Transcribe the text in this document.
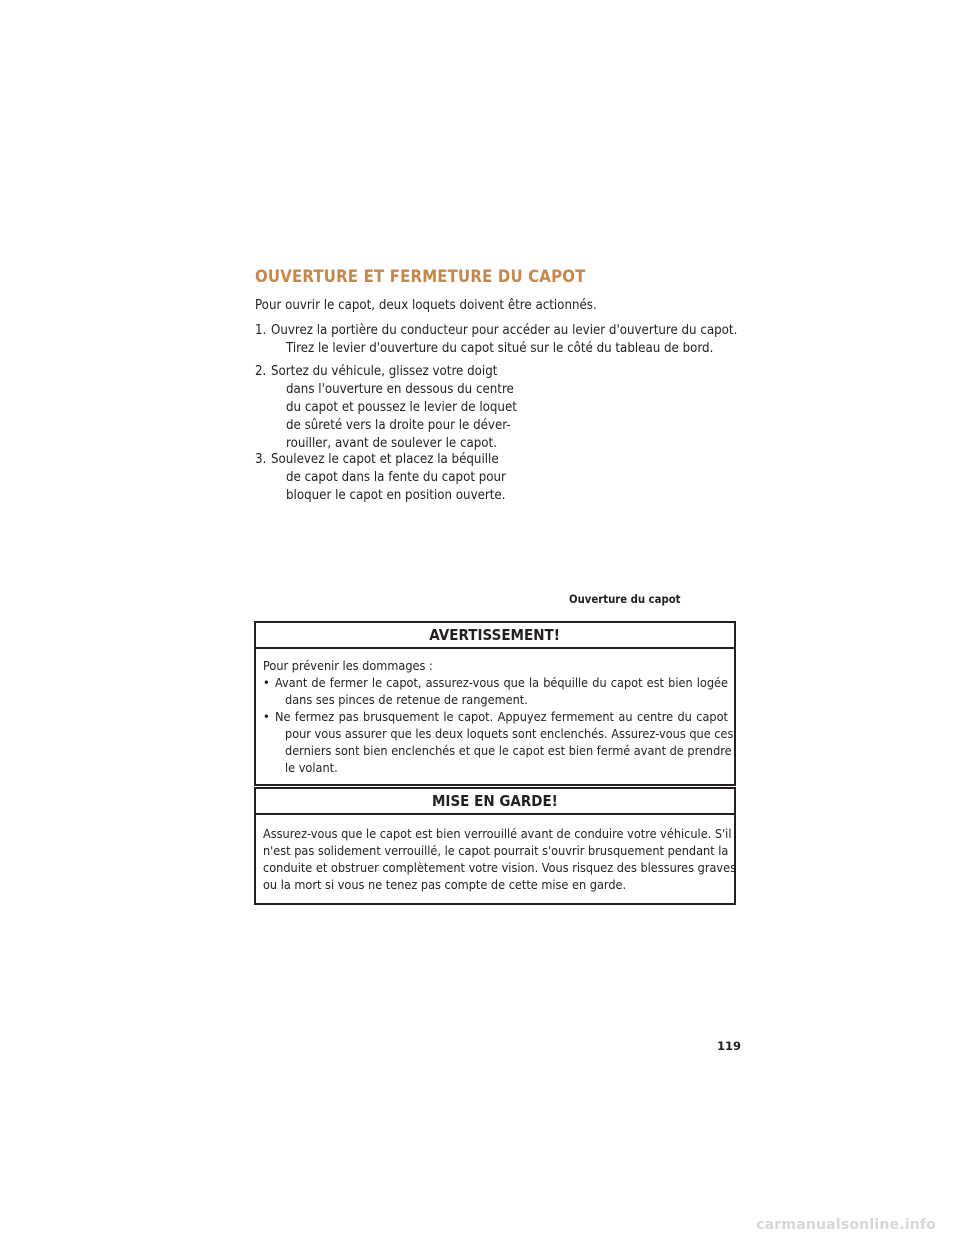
OUVERTURE ET FERMETURE DU CAPOT

Pour ouvrir le capot, deux loquets doivent être actionnés.

1. Ouvrez la portière du conducteur pour accéder au levier d'ouverture du capot.
Tirez le levier d'ouverture du capot situé sur le côté du tableau de bord.
2. Sortez du véhicule, glissez votre doigt
dans l'ouverture en dessous du centre
du capot et poussez le levier de loquet
de sûreté vers la droite pour le déver-
rouiller, avant de soulever le capot.
3. Soulevez le capot et placez la béquille
de capot dans la fente du capot pour
bloquer le capot en position ouverte.

Ouverture du capot

AVERTISSEMENT!
Pour prévenir les dommages :
• Avant de fermer le capot, assurez-vous que la béquille du capot est bien logée
dans ses pinces de retenue de rangement.
• Ne fermez pas brusquement le capot. Appuyez fermement au centre du capot
pour vous assurer que les deux loquets sont enclenchés. Assurez-vous que ces
derniers sont bien enclenchés et que le capot est bien fermé avant de prendre
le volant.
MISE EN GARDE!
Assurez-vous que le capot est bien verrouillé avant de conduire votre véhicule. S'il
n'est pas solidement verrouillé, le capot pourrait s'ouvrir brusquement pendant la
conduite et obstruer complètement votre vision. Vous risquez des blessures graves
ou la mort si vous ne tenez pas compte de cette mise en garde.

119

carmanualsonline.info
